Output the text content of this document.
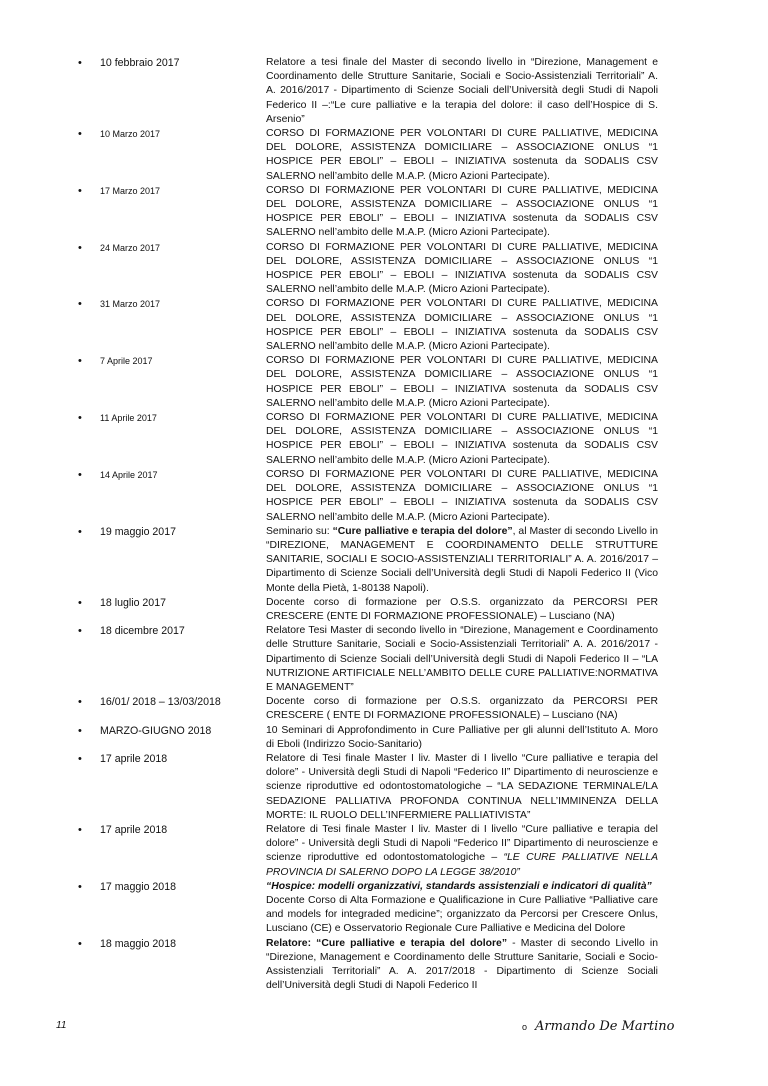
•	10 febbraio 2017	Relatore a tesi finale del Master di secondo livello in “Direzione, Management e Coordinamento delle Strutture Sanitarie, Sociali e Socio-Assistenziali Territoriali” A. A. 2016/2017 - Dipartimento di Scienze Sociali dell’Università degli Studi di Napoli Federico II –:“Le cure palliative e la terapia del dolore: il caso dell’Hospice di S. Arsenio”
•	10 Marzo 2017	CORSO DI FORMAZIONE PER VOLONTARI DI CURE PALLIATIVE, MEDICINA DEL DOLORE, ASSISTENZA DOMICILIARE – ASSOCIAZIONE ONLUS “1 HOSPICE PER EBOLI” – EBOLI – INIZIATIVA sostenuta da SODALIS CSV SALERNO nell’ambito delle M.A.P. (Micro Azioni Partecipate).
•	17 Marzo 2017	CORSO DI FORMAZIONE PER VOLONTARI DI CURE PALLIATIVE, MEDICINA DEL DOLORE, ASSISTENZA DOMICILIARE – ASSOCIAZIONE ONLUS “1 HOSPICE PER EBOLI” – EBOLI – INIZIATIVA sostenuta da SODALIS CSV SALERNO nell’ambito delle M.A.P. (Micro Azioni Partecipate).
•	24 Marzo 2017	CORSO DI FORMAZIONE PER VOLONTARI DI CURE PALLIATIVE, MEDICINA DEL DOLORE, ASSISTENZA DOMICILIARE – ASSOCIAZIONE ONLUS “1 HOSPICE PER EBOLI” – EBOLI – INIZIATIVA sostenuta da SODALIS CSV SALERNO nell’ambito delle M.A.P. (Micro Azioni Partecipate).
•	31 Marzo 2017	CORSO DI FORMAZIONE PER VOLONTARI DI CURE PALLIATIVE, MEDICINA DEL DOLORE, ASSISTENZA DOMICILIARE – ASSOCIAZIONE ONLUS “1 HOSPICE PER EBOLI” – EBOLI – INIZIATIVA sostenuta da SODALIS CSV SALERNO nell’ambito delle M.A.P. (Micro Azioni Partecipate).
•	7 Aprile 2017	CORSO DI FORMAZIONE PER VOLONTARI DI CURE PALLIATIVE, MEDICINA DEL DOLORE, ASSISTENZA DOMICILIARE – ASSOCIAZIONE ONLUS “1 HOSPICE PER EBOLI” – EBOLI – INIZIATIVA sostenuta da SODALIS CSV SALERNO nell’ambito delle M.A.P. (Micro Azioni Partecipate).
•	11 Aprile 2017	CORSO DI FORMAZIONE PER VOLONTARI DI CURE PALLIATIVE, MEDICINA DEL DOLORE, ASSISTENZA DOMICILIARE – ASSOCIAZIONE ONLUS “1 HOSPICE PER EBOLI” – EBOLI – INIZIATIVA sostenuta da SODALIS CSV SALERNO nell’ambito delle M.A.P. (Micro Azioni Partecipate).
•	14 Aprile 2017	CORSO DI FORMAZIONE PER VOLONTARI DI CURE PALLIATIVE, MEDICINA DEL DOLORE, ASSISTENZA DOMICILIARE – ASSOCIAZIONE ONLUS “1 HOSPICE PER EBOLI” – EBOLI – INIZIATIVA sostenuta da SODALIS CSV SALERNO nell’ambito delle M.A.P. (Micro Azioni Partecipate).
•	19 maggio 2017	Seminario su: “Cure palliative e terapia del dolore”, al Master di secondo Livello in “DIREZIONE, MANAGEMENT E COORDINAMENTO DELLE STRUTTURE SANITARIE, SOCIALI E SOCIO-ASSISTENZIALI TERRITORIALI” A. A. 2016/2017 – Dipartimento di Scienze Sociali dell’Università degli Studi di Napoli Federico II (Vico Monte della Pietà, 1-80138 Napoli).
•	18 luglio 2017	Docente corso di formazione per O.S.S. organizzato da PERCORSI PER CRESCERE (ENTE DI FORMAZIONE PROFESSIONALE) – Lusciano (NA)
•	18 dicembre 2017	Relatore Tesi Master di secondo livello in “Direzione, Management e Coordinamento delle Strutture Sanitarie, Sociali e Socio-Assistenziali Territoriali” A. A. 2016/2017 - Dipartimento di Scienze Sociali dell’Università degli Studi di Napoli Federico II – “LA NUTRIZIONE ARTIFICIALE NELL’AMBITO DELLE CURE PALLIATIVE:NORMATIVA E MANAGEMENT”
•	16/01/ 2018 – 13/03/2018	Docente corso di formazione per O.S.S. organizzato da PERCORSI PER CRESCERE ( ENTE DI FORMAZIONE PROFESSIONALE) – Lusciano (NA)
•	MARZO-GIUGNO 2018	10 Seminari di Approfondimento in Cure Palliative per gli alunni dell’Istituto A. Moro di Eboli (Indirizzo Socio-Sanitario)
•	17 aprile 2018	Relatore di Tesi finale Master I liv. Master di I livello “Cure palliative e terapia del dolore” - Università degli Studi di Napoli “Federico II” Dipartimento di neuroscienze e scienze riproduttive ed odontostomatologiche – “LA SEDAZIONE TERMINALE/LA SEDAZIONE PALLIATIVA PROFONDA CONTINUA NELL’IMMINENZA DELLA MORTE: IL RUOLO DELL’INFERMIERE PALLIATIVISTA”
•	17 aprile 2018	Relatore di Tesi finale Master I liv. Master di I livello “Cure palliative e terapia del dolore” - Università degli Studi di Napoli “Federico II” Dipartimento di neuroscienze e scienze riproduttive ed odontostomatologiche – “LE CURE PALLIATIVE NELLA PROVINCIA DI SALERNO DOPO LA LEGGE 38/2010”
•	17 maggio 2018	“Hospice: modelli organizzativi, standards assistenziali e indicatori di qualità”
Docente Corso di Alta Formazione e Qualificazione in Cure Palliative “Palliative care and models for integraded medicine”; organizzato da Percorsi per Crescere Onlus, Lusciano (CE) e Osservatorio Regionale Cure Palliative e Medicina del Dolore
•	18 maggio 2018	Relatore: “Cure palliative e terapia del dolore” - Master di secondo Livello in “Direzione, Management e Coordinamento delle Strutture Sanitarie, Sociali e Socio-Assistenziali Territoriali” A. A. 2017/2018 - Dipartimento di Scienze Sociali dell’Università degli Studi di Napoli Federico II
11	o Armando De Martino
